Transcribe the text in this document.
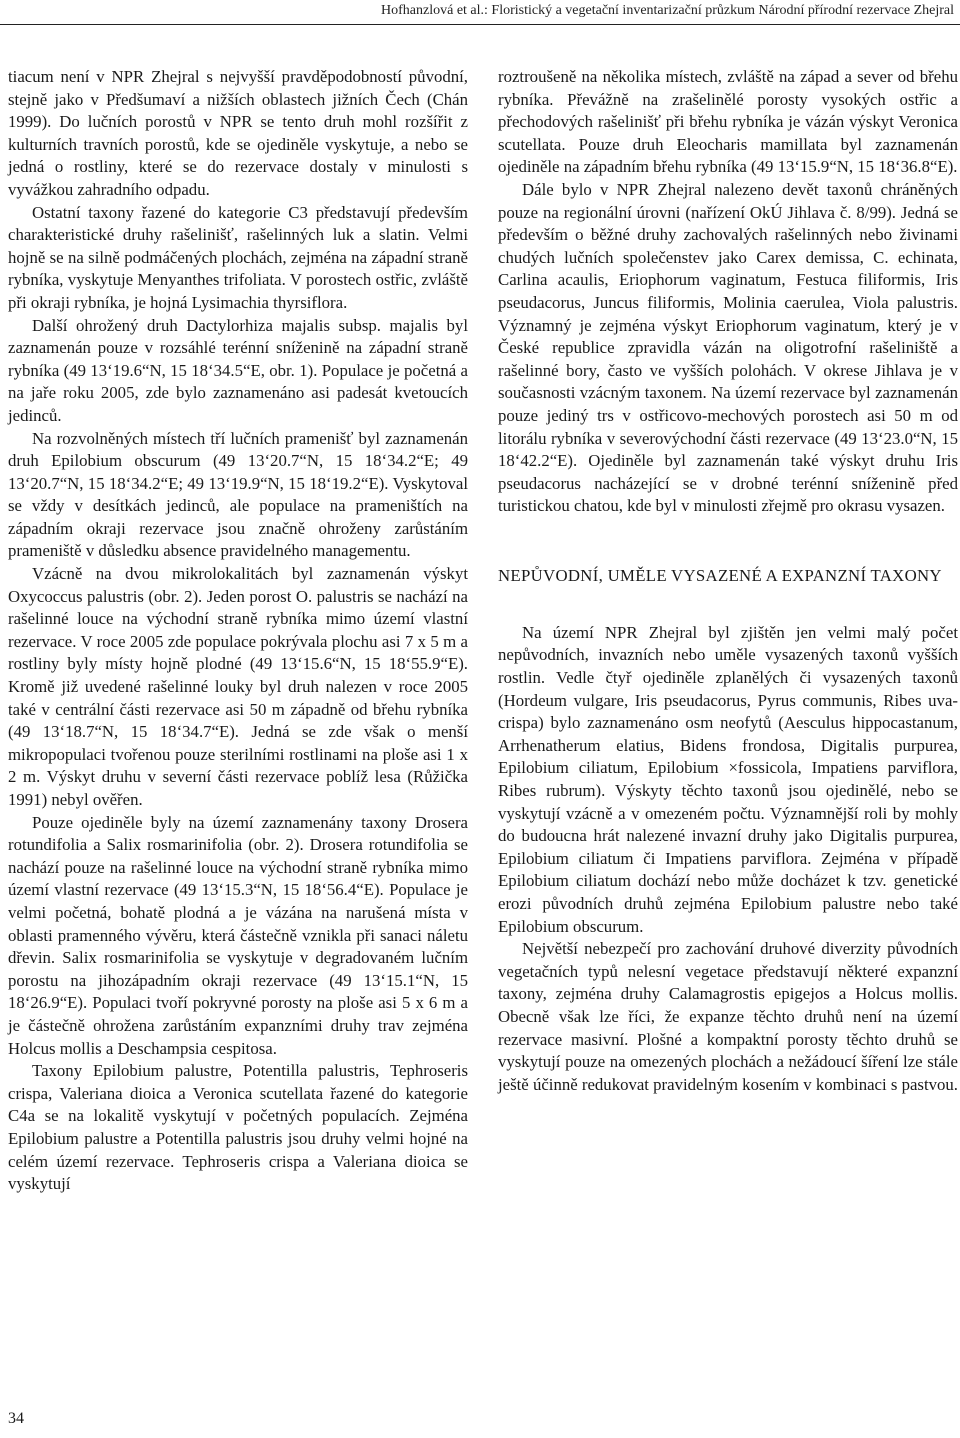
Hofhanzlová et al.: Floristický a vegetační inventarizační průzkum Národní přírodní rezervace Zhejral

tiacum není v NPR Zhejral s nejvyšší pravděpodobností původní, stejně jako v Předšumaví a nižších oblastech jižních Čech (Chán 1999). Do lučních porostů v NPR se tento druh mohl rozšířit z kulturních travních porostů, kde se ojediněle vyskytuje, a nebo se jedná o rostliny, které se do rezervace dostaly v minulosti s vyvážkou zahradního odpadu.

Ostatní taxony řazené do kategorie C3 představují především charakteristické druhy rašelinišť, rašelinných luk a slatin. Velmi hojně se na silně podmáčených plochách, zejména na západní straně rybníka, vyskytuje Menyanthes trifoliata. V porostech ostřic, zvláště při okraji rybníka, je hojná Lysimachia thyrsiflora.

Další ohrožený druh Dactylorhiza majalis subsp. majalis byl zaznamenán pouze v rozsáhlé terénní sníženině na západní straně rybníka (49 13‘19.6“N, 15 18‘34.5“E, obr. 1). Populace je početná a na jaře roku 2005, zde bylo zaznamenáno asi padesát kvetoucích jedinců.

Na rozvolněných místech tří lučních pramenišť byl zaznamenán druh Epilobium obscurum (49 13‘20.7“N, 15 18‘34.2“E; 49 13‘20.7“N, 15 18‘34.2“E; 49 13‘19.9“N, 15 18‘19.2“E). Vyskytoval se vždy v desítkách jedinců, ale populace na prameništích na západním okraji rezervace jsou značně ohroženy zarůstáním prameniště v důsledku absence pravidelného managementu.

Vzácně na dvou mikrolokalitách byl zaznamenán výskyt Oxycoccus palustris (obr. 2). Jeden porost O. palustris se nachází na rašelinné louce na východní straně rybníka mimo území vlastní rezervace. V roce 2005 zde populace pokrývala plochu asi 7 x 5 m a rostliny byly místy hojně plodné (49 13‘15.6“N, 15 18‘55.9“E). Kromě již uvedené rašelinné louky byl druh nalezen v roce 2005 také v centrální části rezervace asi 50 m západně od břehu rybníka (49 13‘18.7“N, 15 18‘34.7“E). Jedná se zde však o menší mikropopulaci tvořenou pouze sterilními rostlinami na ploše asi 1 x 2 m. Výskyt druhu v severní části rezervace poblíž lesa (Růžička 1991) nebyl ověřen.

Pouze ojediněle byly na území zaznamenány taxony Drosera rotundifolia a Salix rosmarinifolia (obr. 2). Drosera rotundifolia se nachází pouze na rašelinné louce na východní straně rybníka mimo území vlastní rezervace (49 13‘15.3“N, 15 18‘56.4“E). Populace je velmi početná, bohatě plodná a je vázána na narušená místa v oblasti pramenného vývěru, která částečně vznikla při sanaci náletu dřevin. Salix rosmarinifolia se vyskytuje v degradovaném lučním porostu na jihozápadním okraji rezervace (49 13‘15.1“N, 15 18‘26.9“E). Populaci tvoří pokryvné porosty na ploše asi 5 x 6 m a je částečně ohrožena zarůstáním expanzními druhy trav zejména Holcus mollis a Deschampsia cespitosa.

Taxony Epilobium palustre, Potentilla palustris, Tephroseris crispa, Valeriana dioica a Veronica scutellata řazené do kategorie C4a se na lokalitě vyskytují v početných populacích. Zejména Epilobium palustre a Potentilla palustris jsou druhy velmi hojné na celém území rezervace. Tephroseris crispa a Valeriana dioica se vyskytují

roztroušeně na několika místech, zvláště na západ a sever od břehu rybníka. Převážně na zrašelinělé porosty vysokých ostřic a přechodových rašelinišť při břehu rybníka je vázán výskyt Veronica scutellata. Pouze druh Eleocharis mamillata byl zaznamenán ojediněle na západním břehu rybníka (49 13‘15.9“N, 15 18‘36.8“E).

Dále bylo v NPR Zhejral nalezeno devět taxonů chráněných pouze na regionální úrovni (nařízení OkÚ Jihlava č. 8/99). Jedná se především o běžné druhy zachovalých rašelinných nebo živinami chudých lučních společenstev jako Carex demissa, C. echinata, Carlina acaulis, Eriophorum vaginatum, Festuca filiformis, Iris pseudacorus, Juncus filiformis, Molinia caerulea, Viola palustris. Významný je zejména výskyt Eriophorum vaginatum, který je v České republice zpravidla vázán na oligotrofní rašeliniště a rašelinné bory, často ve vyšších polohách. V okrese Jihlava je v současnosti vzácným taxonem. Na území rezervace byl zaznamenán pouze jediný trs v ostřicovo-mechových porostech asi 50 m od litorálu rybníka v severovýchodní části rezervace (49 13‘23.0“N, 15 18‘42.2“E). Ojediněle byl zaznamenán také výskyt druhu Iris pseudacorus nacházející se v drobné terénní sníženině před turistickou chatou, kde byl v minulosti zřejmě pro okrasu vysazen.

NEPŮVODNÍ, UMĚLE VYSAZENÉ A EXPANZNÍ TAXONY

Na území NPR Zhejral byl zjištěn jen velmi malý počet nepůvodních, invazních nebo uměle vysazených taxonů vyšších rostlin. Vedle čtyř ojediněle zplanělých či vysazených taxonů (Hordeum vulgare, Iris pseudacorus, Pyrus communis, Ribes uva-crispa) bylo zaznamenáno osm neofytů (Aesculus hippocastanum, Arrhenatherum elatius, Bidens frondosa, Digitalis purpurea, Epilobium ciliatum, Epilobium ×fossicola, Impatiens parviflora, Ribes rubrum). Výskyty těchto taxonů jsou ojedinělé, nebo se vyskytují vzácně a v omezeném počtu. Významnější roli by mohly do budoucna hrát nalezené invazní druhy jako Digitalis purpurea, Epilobium ciliatum či Impatiens parviflora. Zejména v případě Epilobium ciliatum dochází nebo může docházet k tzv. genetické erozi původních druhů zejména Epilobium palustre nebo také Epilobium obscurum.

Největší nebezpečí pro zachování druhové diverzity původních vegetačních typů nelesní vegetace představují některé expanzní taxony, zejména druhy Calamagrostis epigejos a Holcus mollis. Obecně však lze říci, že expanze těchto druhů není na území rezervace masivní. Plošné a kompaktní porosty těchto druhů se vyskytují pouze na omezených plochách a nežádoucí šíření lze stále ještě účinně redukovat pravidelným kosením v kombinaci s pastvou.

34
